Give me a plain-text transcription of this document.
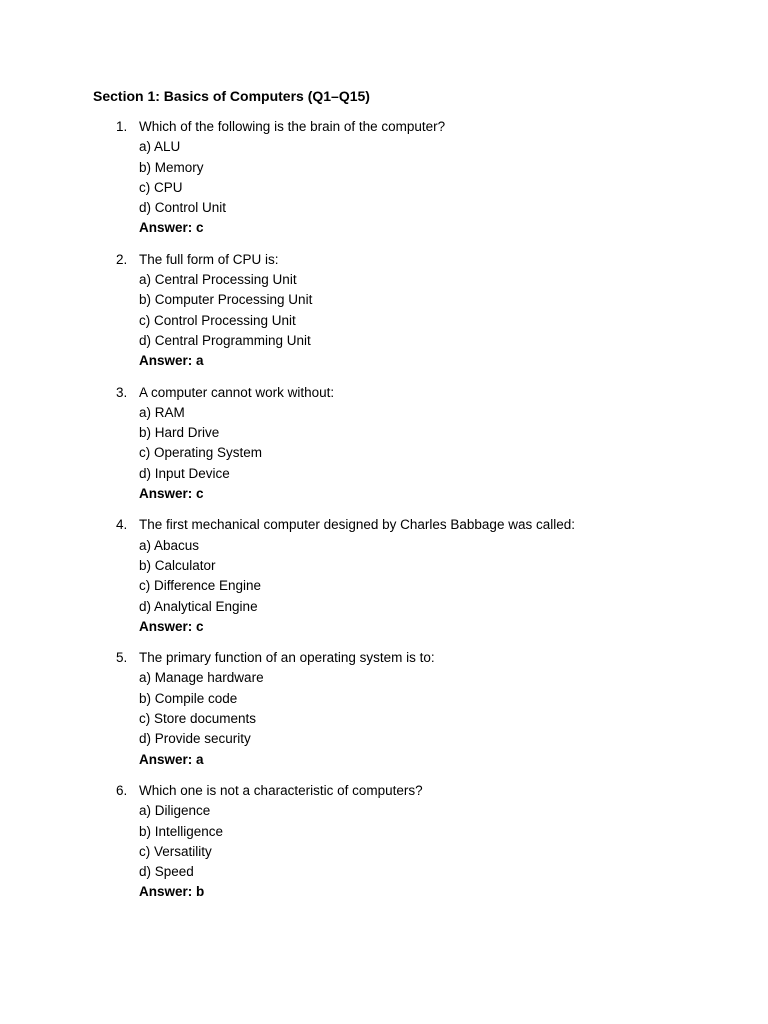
Section 1: Basics of Computers (Q1–Q15)
1. Which of the following is the brain of the computer?
a) ALU
b) Memory
c) CPU
d) Control Unit
Answer: c
2. The full form of CPU is:
a) Central Processing Unit
b) Computer Processing Unit
c) Control Processing Unit
d) Central Programming Unit
Answer: a
3. A computer cannot work without:
a) RAM
b) Hard Drive
c) Operating System
d) Input Device
Answer: c
4. The first mechanical computer designed by Charles Babbage was called:
a) Abacus
b) Calculator
c) Difference Engine
d) Analytical Engine
Answer: c
5. The primary function of an operating system is to:
a) Manage hardware
b) Compile code
c) Store documents
d) Provide security
Answer: a
6. Which one is not a characteristic of computers?
a) Diligence
b) Intelligence
c) Versatility
d) Speed
Answer: b
